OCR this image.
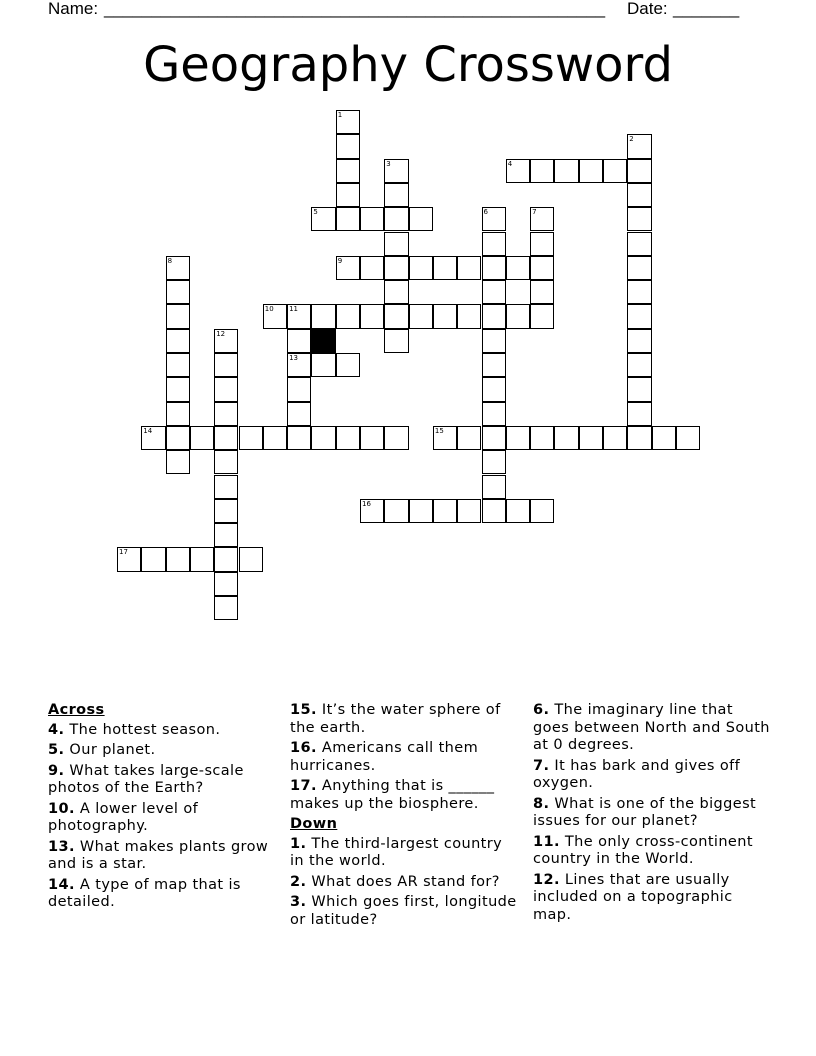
Name: _____________________________________________________ Date: _______
Geography Crossword
1
2
3	4
5	6	7
8	9
10 11
13
12
14	15
16
17
Across
4. The hottest season.
5. Our planet.
9. What takes large-scale photos of the Earth?
10. A lower level of photography.
13. What makes plants grow and is a star.
14. A type of map that is detailed.
15. It’s the water sphere of the earth.
16. Americans call them hurricanes.
17. Anything that is ______ makes up the biosphere.
Down
1. The third-largest country in the world.
2. What does AR stand for?
3. Which goes first, longitude or latitude?
6. The imaginary line that goes between North and South at 0 degrees.
7. It has bark and gives off oxygen.
8. What is one of the biggest issues for our planet?
11. The only cross-continent country in the World.
12. Lines that are usually included on a topographic map.
